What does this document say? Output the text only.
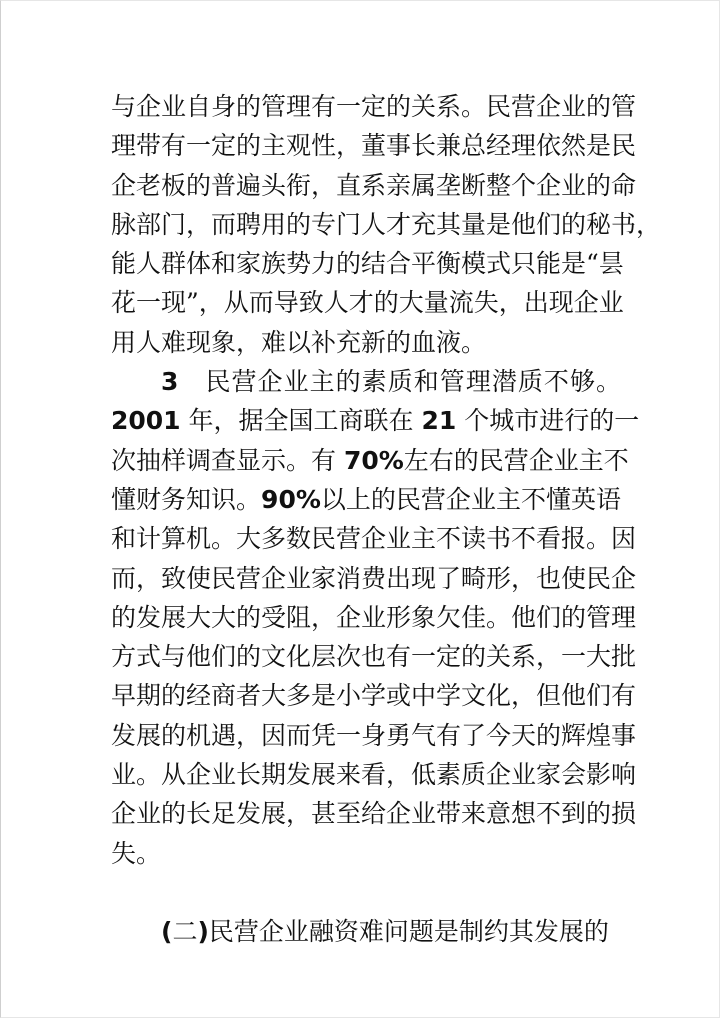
与企业自身的管理有一定的关系。民营企业的管
理带有一定的主观性，董事长兼总经理依然是民
企老板的普遍头衔，直系亲属垄断整个企业的命
脉部门，而聘用的专门人才充其量是他们的秘书，
能人群体和家族势力的结合平衡模式只能是“昙
花一现”，从而导致人才的大量流失，出现企业
用人难现象，难以补充新的血液。
3　民营企业主的素质和管理潜质不够。
2001 年，据全国工商联在 21 个城市进行的一
次抽样调查显示。有 70%左右的民营企业主不
懂财务知识。90%以上的民营企业主不懂英语
和计算机。大多数民营企业主不读书不看报。因
而，致使民营企业家消费出现了畸形，也使民企
的发展大大的受阻，企业形象欠佳。他们的管理
方式与他们的文化层次也有一定的关系，一大批
早期的经商者大多是小学或中学文化，但他们有
发展的机遇，因而凭一身勇气有了今天的辉煌事
业。从企业长期发展来看，低素质企业家会影响
企业的长足发展，甚至给企业带来意想不到的损
失。
(二)民营企业融资难问题是制约其发展的
